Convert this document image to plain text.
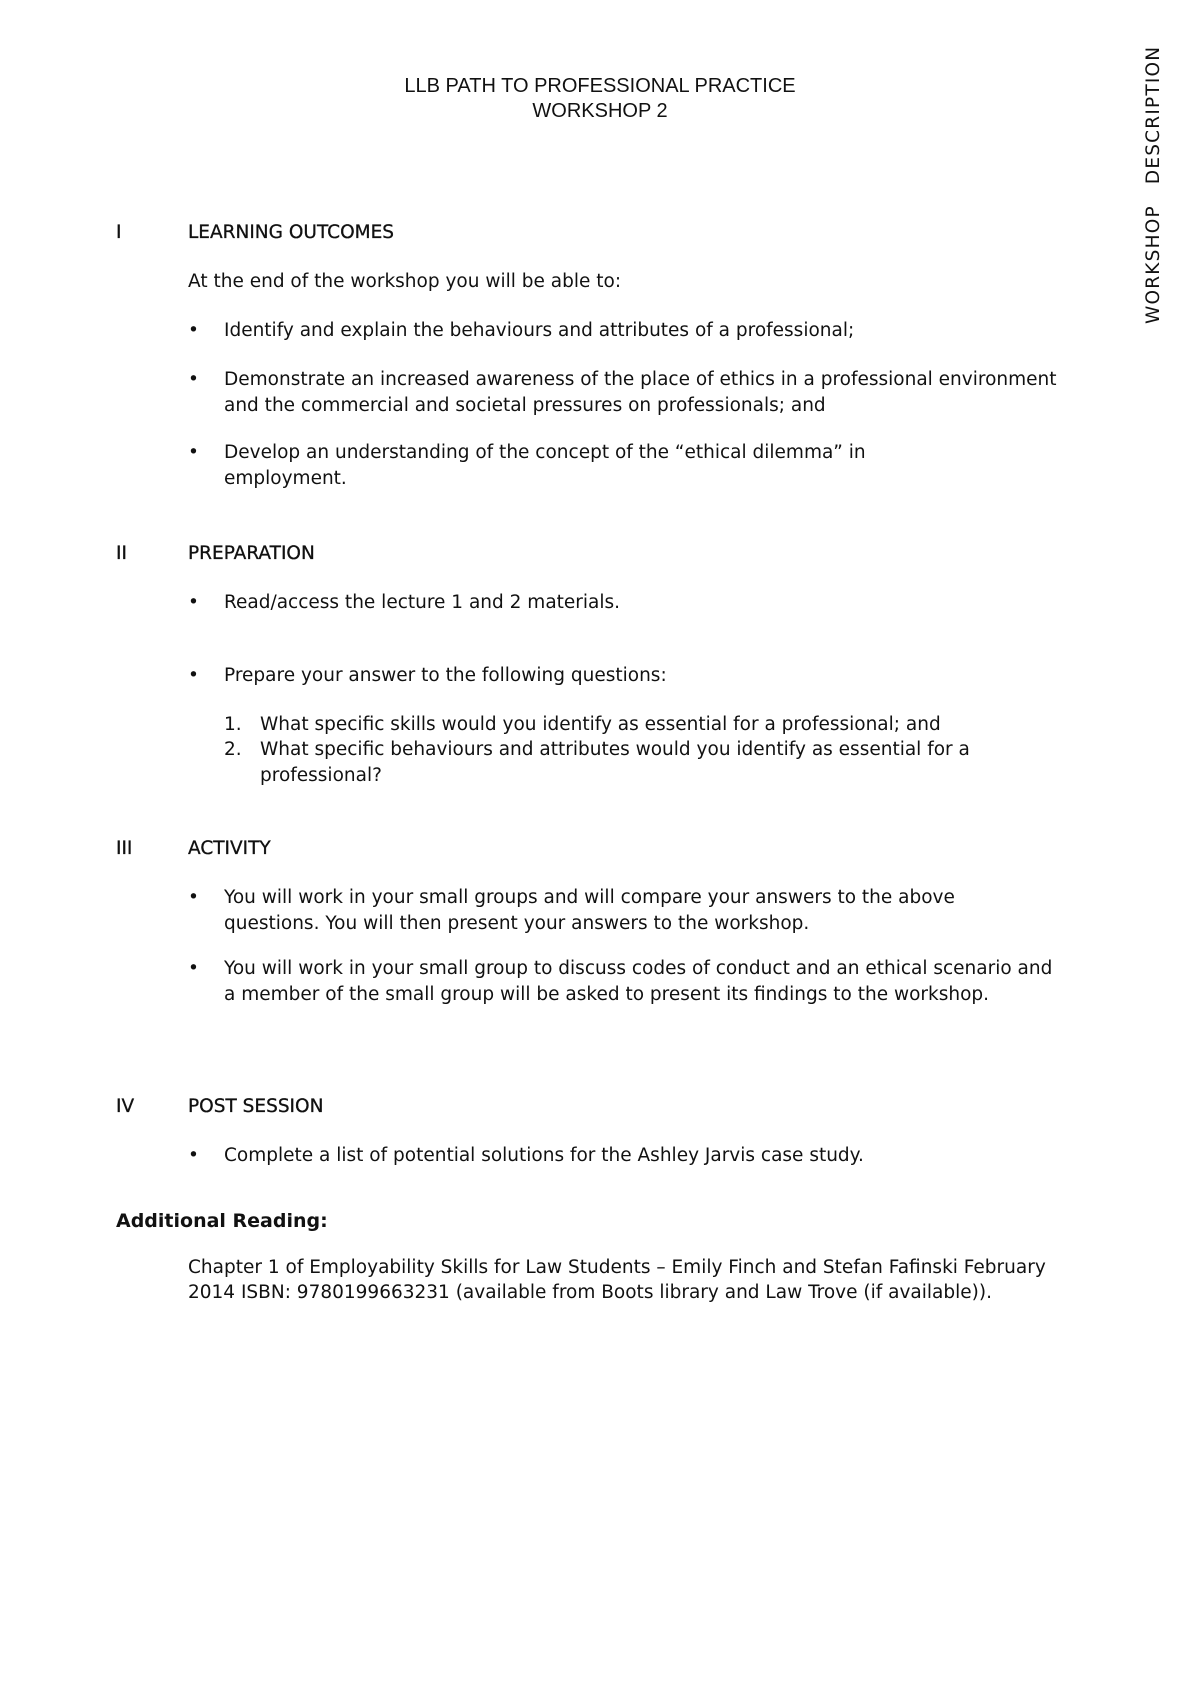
WORKSHOP DESCRIPTION
LLB PATH TO PROFESSIONAL PRACTICE
WORKSHOP 2
I	LEARNING OUTCOMES
At the end of the workshop you will be able to:
• Identify and explain the behaviours and attributes of a professional;
• Demonstrate an increased awareness of the place of ethics in a professional environment and the commercial and societal pressures on professionals; and
• Develop an understanding of the concept of the “ethical dilemma” in employment.
II	PREPARATION
• Read/access the lecture 1 and 2 materials.
• Prepare your answer to the following questions:
1. What specific skills would you identify as essential for a professional; and
2. What specific behaviours and attributes would you identify as essential for a professional?
III	ACTIVITY
• You will work in your small groups and will compare your answers to the above questions. You will then present your answers to the workshop.
• You will work in your small group to discuss codes of conduct and an ethical scenario and a member of the small group will be asked to present its findings to the workshop.
IV	POST SESSION
• Complete a list of potential solutions for the Ashley Jarvis case study.
Additional Reading:
Chapter 1 of Employability Skills for Law Students – Emily Finch and Stefan Fafinski February 2014 ISBN: 9780199663231 (available from Boots library and Law Trove (if available)).
